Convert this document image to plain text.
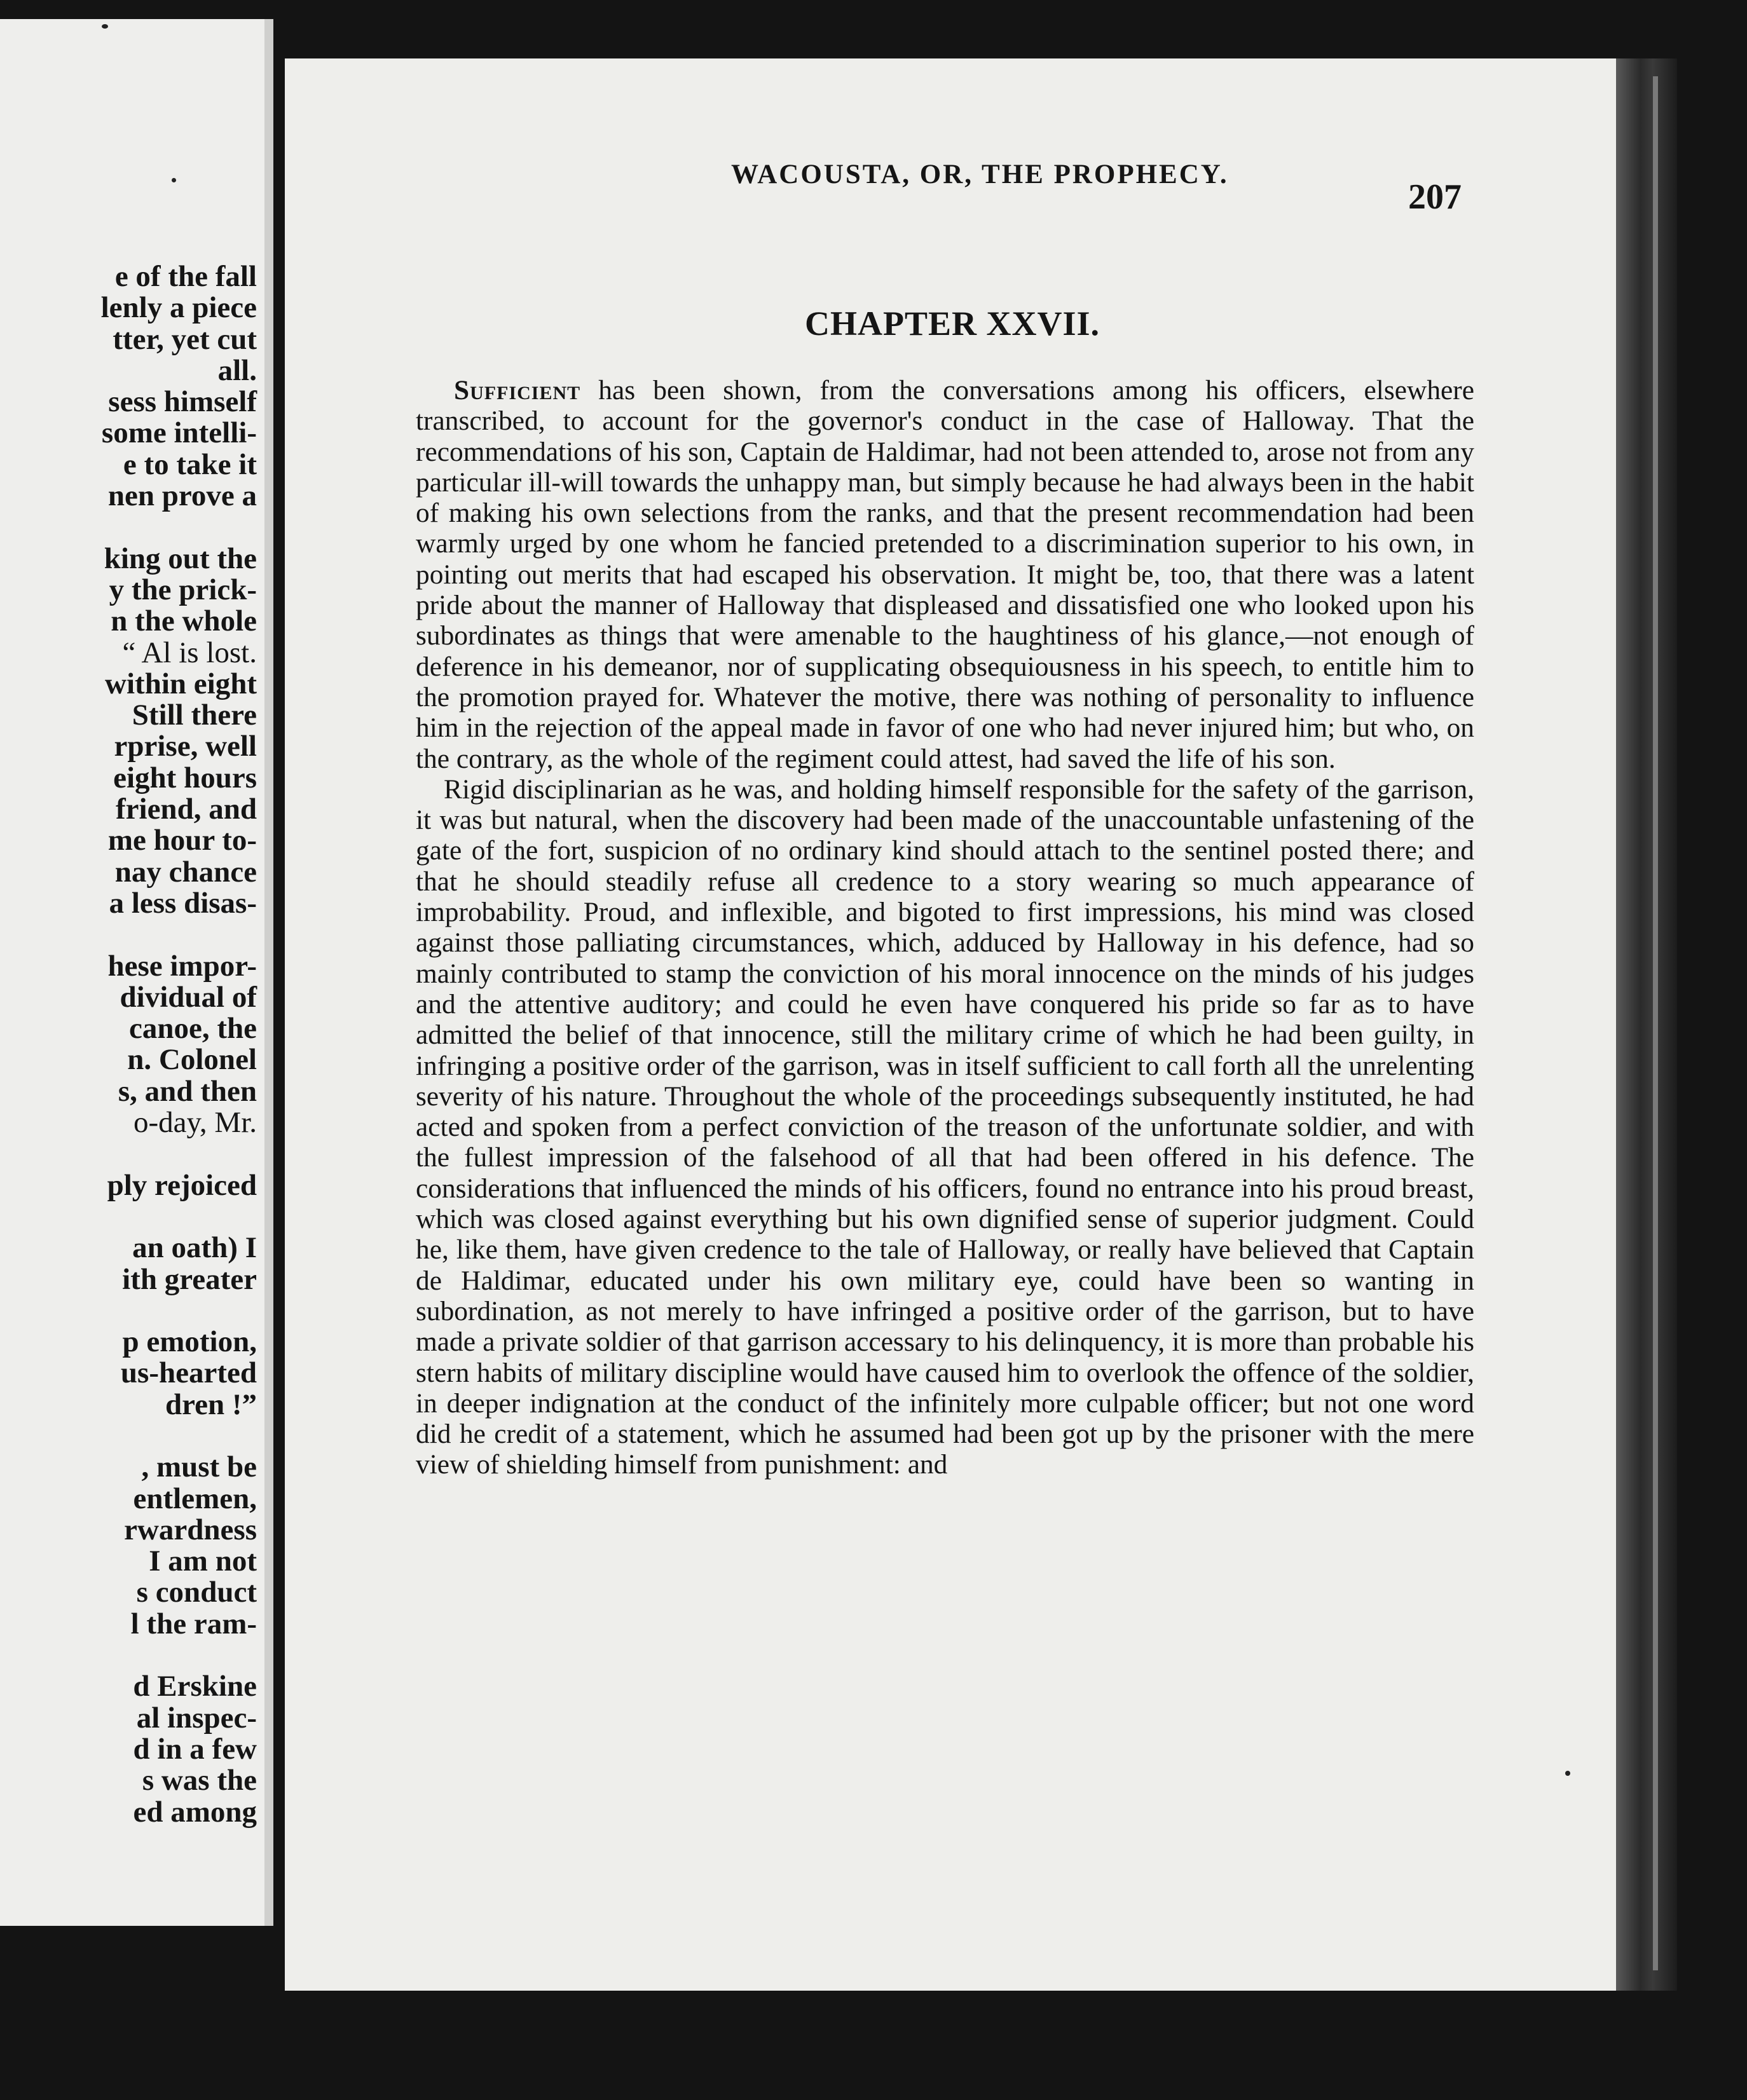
e of the fall
lenly a piece
tter, yet cut
all.
sess himself
some intelli-
e to take it
nen prove a
king out the
y the prick-
n the whole
“ Al is lost.
within eight
Still there
rprise, well
eight hours
friend, and
me hour to-
nay chance
a less disas-
hese impor-
dividual of
canoe, the
n. Colonel
s, and then
o-day, Mr.
ply rejoiced
an oath) I
ith greater
p emotion,
us-hearted
dren !”
, must be
entlemen,
rwardness
I am not
s conduct
l the ram-
d Erskine
al inspec-
d in a few
s was the
ed among
WACOUSTA, OR, THE PROPHECY.
207
CHAPTER XXVII.

Sufficient has been shown, from the conversations among his officers, elsewhere transcribed, to account for the governor's conduct in the case of Halloway. That the recommendations of his son, Captain de Haldimar, had not been attended to, arose not from any particular ill-will towards the unhappy man, but simply because he had always been in the habit of making his own selections from the ranks, and that the present recommendation had been warmly urged by one whom he fancied pretended to a discrimination superior to his own, in pointing out merits that had escaped his observation. It might be, too, that there was a latent pride about the manner of Halloway that displeased and dissatisfied one who looked upon his subordinates as things that were amenable to the haughtiness of his glance,—not enough of deference in his demeanor, nor of supplicating obsequiousness in his speech, to entitle him to the promotion prayed for. Whatever the motive, there was nothing of personality to influence him in the rejection of the appeal made in favor of one who had never injured him; but who, on the contrary, as the whole of the regiment could attest, had saved the life of his son.

Rigid disciplinarian as he was, and holding himself responsible for the safety of the garrison, it was but natural, when the discovery had been made of the unaccountable unfastening of the gate of the fort, suspicion of no ordinary kind should attach to the sentinel posted there; and that he should steadily refuse all credence to a story wearing so much appearance of improbability. Proud, and inflexible, and bigoted to first impressions, his mind was closed against those palliating circumstances, which, adduced by Halloway in his defence, had so mainly contributed to stamp the conviction of his moral innocence on the minds of his judges and the attentive auditory; and could he even have conquered his pride so far as to have admitted the belief of that innocence, still the military crime of which he had been guilty, in infringing a positive order of the garrison, was in itself sufficient to call forth all the unrelenting severity of his nature. Throughout the whole of the proceedings subsequently instituted, he had acted and spoken from a perfect conviction of the treason of the unfortunate soldier, and with the fullest impression of the falsehood of all that had been offered in his defence. The considerations that influenced the minds of his officers, found no entrance into his proud breast, which was closed against everything but his own dignified sense of superior judgment. Could he, like them, have given credence to the tale of Halloway, or really have believed that Captain de Haldimar, educated under his own military eye, could have been so wanting in subordination, as not merely to have infringed a positive order of the garrison, but to have made a private soldier of that garrison accessary to his delinquency, it is more than probable his stern habits of military discipline would have caused him to overlook the offence of the soldier, in deeper indignation at the conduct of the infinitely more culpable officer; but not one word did he credit of a statement, which he assumed had been got up by the prisoner with the mere view of shielding himself from punishment: and
